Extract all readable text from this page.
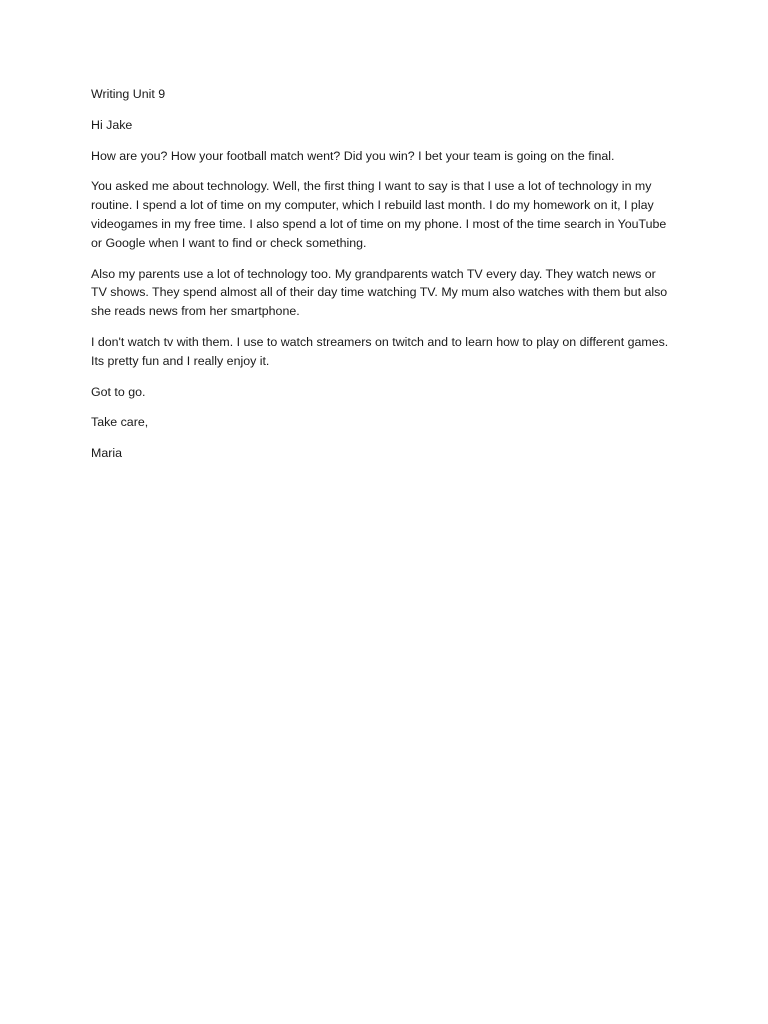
Writing Unit 9

Hi Jake

How are you? How your football match went? Did you win? I bet your team is going on the final.

You asked me about technology. Well, the first thing I want to say is that I use a lot of technology in my routine. I spend a lot of time on my computer, which I rebuild last month. I do my homework on it, I play videogames in my free time. I also spend a lot of time on my phone. I most of the time search in YouTube or Google when I want to find or check something.

Also my parents use a lot of technology too. My grandparents watch TV every day. They watch news or TV shows. They spend almost all of their day time watching TV. My mum also watches with them but also she reads news from her smartphone.

I don't watch tv with them. I use to watch streamers on twitch and to learn how to play on different games. Its pretty fun and I really enjoy it.

Got to go.

Take care,

Maria
